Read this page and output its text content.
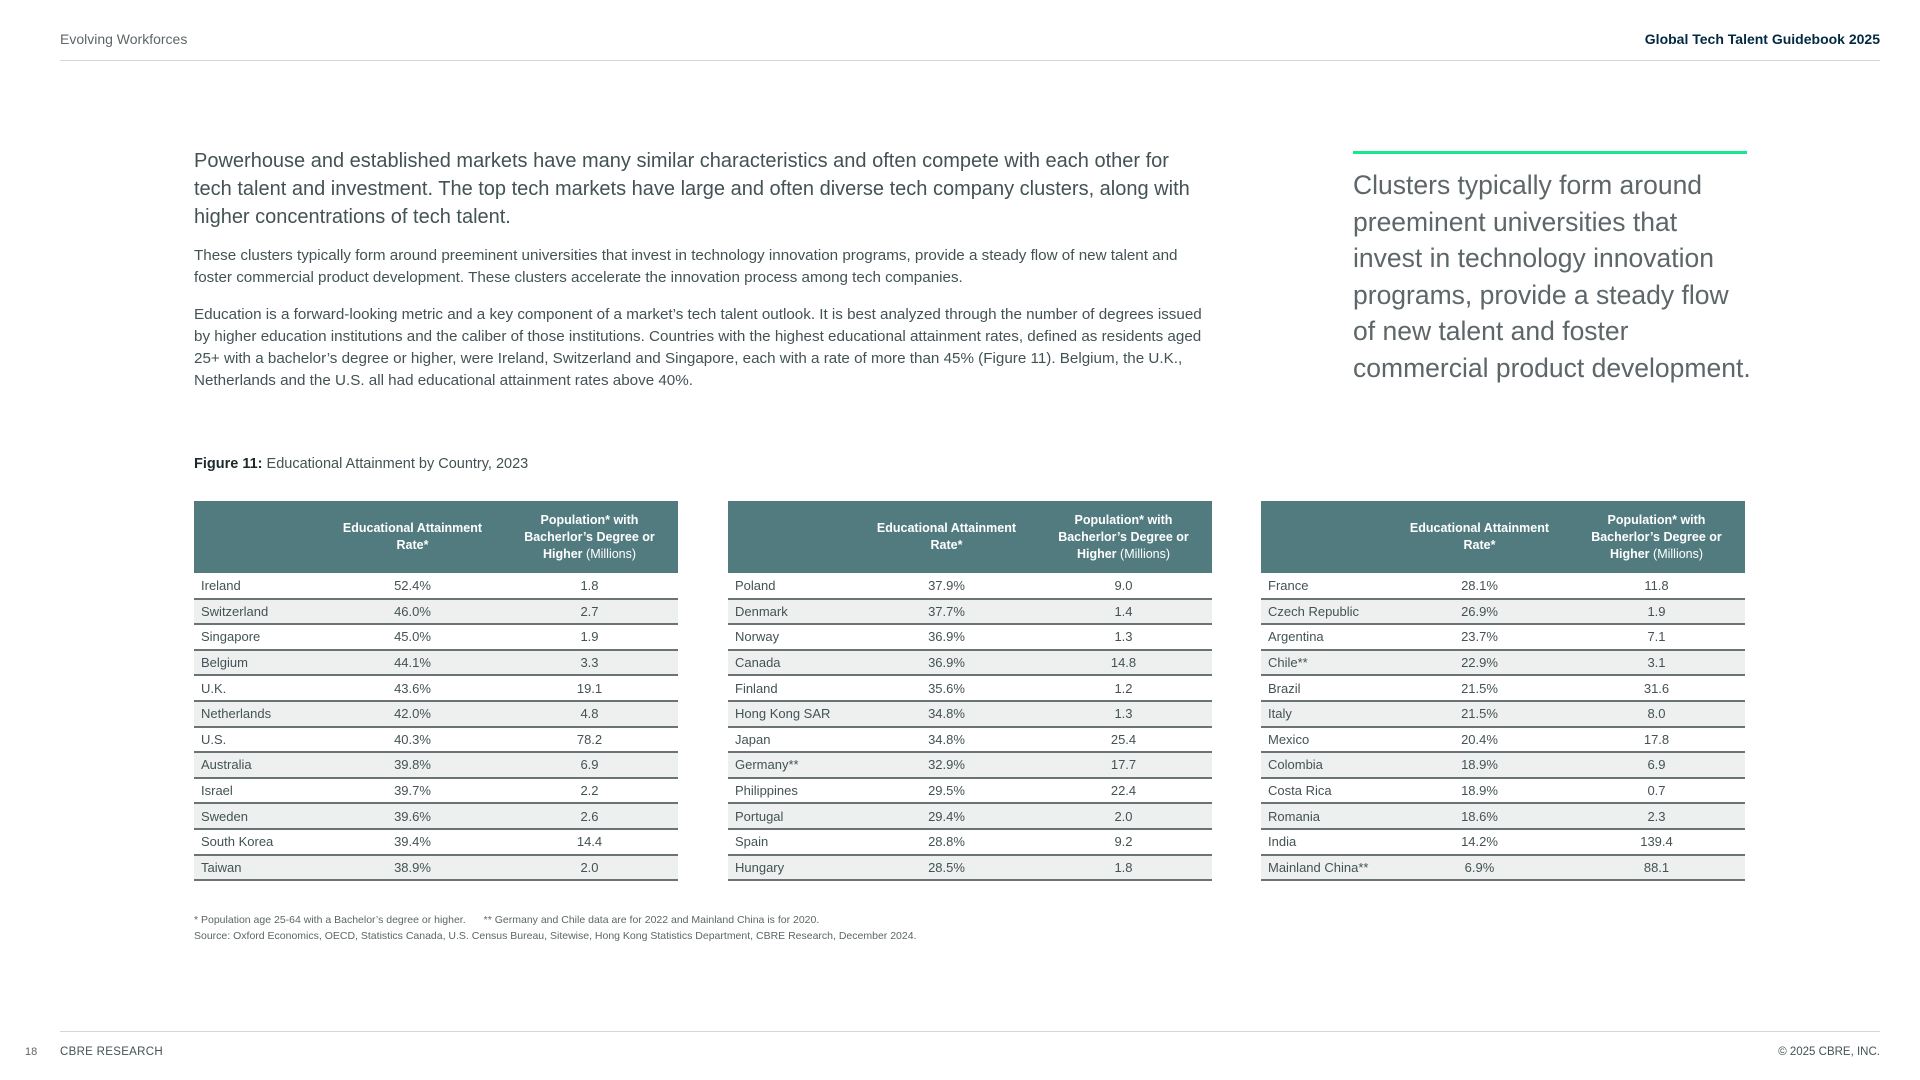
Evolving Workforces	Global Tech Talent Guidebook 2025

Powerhouse and established markets have many similar characteristics and often compete with each other for tech talent and investment. The top tech markets have large and often diverse tech company clusters, along with higher concentrations of tech talent.

These clusters typically form around preeminent universities that invest in technology innovation programs, provide a steady flow of new talent and foster commercial product development. These clusters accelerate the innovation process among tech companies.

Education is a forward-looking metric and a key component of a market’s tech talent outlook. It is best analyzed through the number of degrees issued by higher education institutions and the caliber of those institutions. Countries with the highest educational attainment rates, defined as residents aged 25+ with a bachelor’s degree or higher, were Ireland, Switzerland and Singapore, each with a rate of more than 45% (Figure 11). Belgium, the U.K., Netherlands and the U.S. all had educational attainment rates above 40%.

Clusters typically form around preeminent universities that invest in technology innovation programs, provide a steady flow of new talent and foster commercial product development.

Figure 11: Educational Attainment by Country, 2023
	Educational Attainment Rate*	Population* with Bacherlor’s Degree or Higher (Millions)
Ireland	52.4%	1.8
Switzerland	46.0%	2.7
Singapore	45.0%	1.9
Belgium	44.1%	3.3
U.K.	43.6%	19.1
Netherlands	42.0%	4.8
U.S.	40.3%	78.2
Australia	39.8%	6.9
Israel	39.7%	2.2
Sweden	39.6%	2.6
South Korea	39.4%	14.4
Taiwan	38.9%	2.0
	Educational Attainment Rate*	Population* with Bacherlor’s Degree or Higher (Millions)
Poland	37.9%	9.0
Denmark	37.7%	1.4
Norway	36.9%	1.3
Canada	36.9%	14.8
Finland	35.6%	1.2
Hong Kong SAR	34.8%	1.3
Japan	34.8%	25.4
Germany**	32.9%	17.7
Philippines	29.5%	22.4
Portugal	29.4%	2.0
Spain	28.8%	9.2
Hungary	28.5%	1.8
	Educational Attainment Rate*	Population* with Bacherlor’s Degree or Higher (Millions)
France	28.1%	11.8
Czech Republic	26.9%	1.9
Argentina	23.7%	7.1
Chile**	22.9%	3.1
Brazil	21.5%	31.6
Italy	21.5%	8.0
Mexico	20.4%	17.8
Colombia	18.9%	6.9
Costa Rica	18.9%	0.7
Romania	18.6%	2.3
India	14.2%	139.4
Mainland China**	6.9%	88.1
* Population age 25-64 with a Bachelor’s degree or higher. ** Germany and Chile data are for 2022 and Mainland China is for 2020.
Source: Oxford Economics, OECD, Statistics Canada, U.S. Census Bureau, Sitewise, Hong Kong Statistics Department, CBRE Research, December 2024.
18 CBRE RESEARCH	© 2025 CBRE, INC.
